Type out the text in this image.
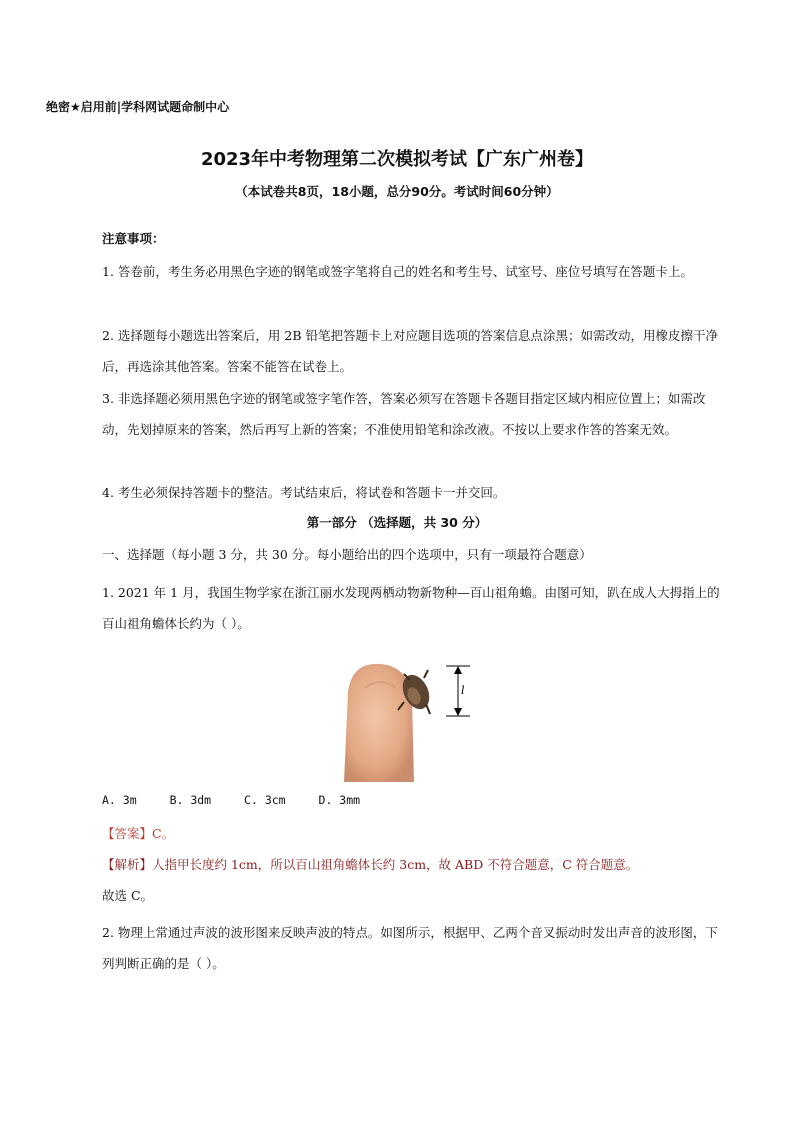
绝密★启用前|学科网试题命制中心
2023年中考物理第二次模拟考试【广东广州卷】
（本试卷共8页，18小题，总分90分。考试时间60分钟）
注意事项：
1. 答卷前，考生务必用黑色字迹的钢笔或签字笔将自己的姓名和考生号、试室号、座位号填写在答题卡上。
2. 选择题每小题选出答案后，用 2B 铅笔把答题卡上对应题目选项的答案信息点涂黑；如需改动，用橡皮擦干净后，再选涂其他答案。答案不能答在试卷上。
3. 非选择题必须用黑色字迹的钢笔或签字笔作答，答案必须写在答题卡各题目指定区域内相应位置上；如需改动，先划掉原来的答案，然后再写上新的答案；不准使用铅笔和涂改液。不按以上要求作答的答案无效。
4. 考生必须保持答题卡的整洁。考试结束后，将试卷和答题卡一并交回。
第一部分 （选择题，共 30 分）
一、选择题（每小题 3 分，共 30 分。每小题给出的四个选项中，只有一项最符合题意）
1. 2021 年 1 月，我国生物学家在浙江丽水发现两栖动物新物种—百山祖角蟾。由图可知，趴在成人大拇指上的百山祖角蟾体长约为（ ）。
l
A. 3m	B. 3dm	C. 3cm	D. 3mm
【答案】C。
【解析】人指甲长度约 1cm，所以百山祖角蟾体长约 3cm，故 ABD 不符合题意，C 符合题意。
故选 C。
2. 物理上常通过声波的波形图来反映声波的特点。如图所示，根据甲、乙两个音叉振动时发出声音的波形图，下列判断正确的是（ ）。
